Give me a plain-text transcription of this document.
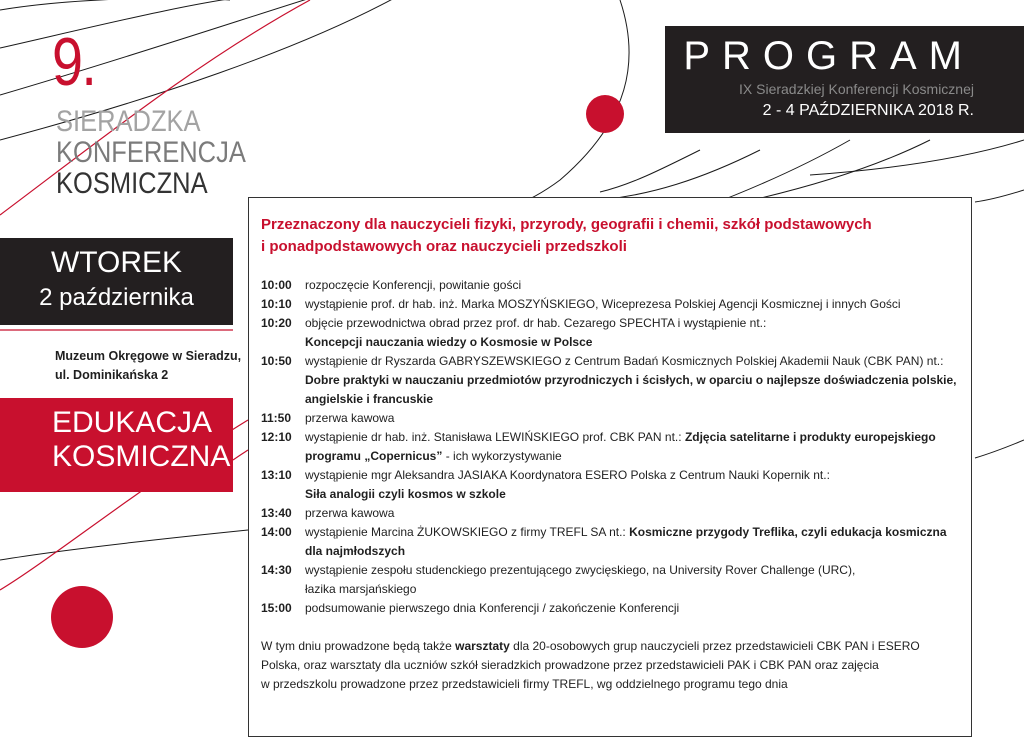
9.
SIERADZKA
KONFERENCJA
KOSMICZNA
PROGRAM
IX Sieradzkiej Konferencji Kosmicznej
2 - 4 PAŹDZIERNIKA 2018 R.
WTOREK
2 października
Muzeum Okręgowe w Sieradzu,
ul. Dominikańska 2
EDUKACJA
KOSMICZNA
Przeznaczony dla nauczycieli fizyki, przyrody, geografii i chemii, szkół podstawowych
i ponadpodstawowych oraz nauczycieli przedszkoli
10:00	rozpoczęcie Konferencji, powitanie gości
10:10	wystąpienie prof. dr hab. inż. Marka MOSZYŃSKIEGO, Wiceprezesa Polskiej Agencji Kosmicznej i innych Gości
10:20	objęcie przewodnictwa obrad przez prof. dr hab. Cezarego SPECHTA i wystąpienie nt.:
Koncepcji nauczania wiedzy o Kosmosie w Polsce
10:50	wystąpienie dr Ryszarda GABRYSZEWSKIEGO z Centrum Badań Kosmicznych Polskiej Akademii Nauk (CBK PAN) nt.:
Dobre praktyki w nauczaniu przedmiotów przyrodniczych i ścisłych, w oparciu o najlepsze doświadczenia polskie,
angielskie i francuskie
11:50	przerwa kawowa
12:10	wystąpienie dr hab. inż. Stanisława LEWIŃSKIEGO prof. CBK PAN nt.: Zdjęcia satelitarne i produkty europejskiego
programu „Copernicus” - ich wykorzystywanie
13:10	wystąpienie mgr Aleksandra JASIAKA Koordynatora ESERO Polska z Centrum Nauki Kopernik nt.:
Siła analogii czyli kosmos w szkole
13:40	przerwa kawowa
14:00	wystąpienie Marcina ŻUKOWSKIEGO z firmy TREFL SA nt.: Kosmiczne przygody Treflika, czyli edukacja kosmiczna
dla najmłodszych
14:30	wystąpienie zespołu studenckiego prezentującego zwycięskiego, na University Rover Challenge (URC),
łazika marsjańskiego
15:00	podsumowanie pierwszego dnia Konferencji / zakończenie Konferencji
W tym dniu prowadzone będą także warsztaty dla 20-osobowych grup nauczycieli przez przedstawicieli CBK PAN i ESERO
Polska, oraz warsztaty dla uczniów szkół sieradzkich prowadzone przez przedstawicieli PAK i CBK PAN oraz zajęcia
w przedszkolu prowadzone przez przedstawicieli firmy TREFL, wg oddzielnego programu tego dnia
